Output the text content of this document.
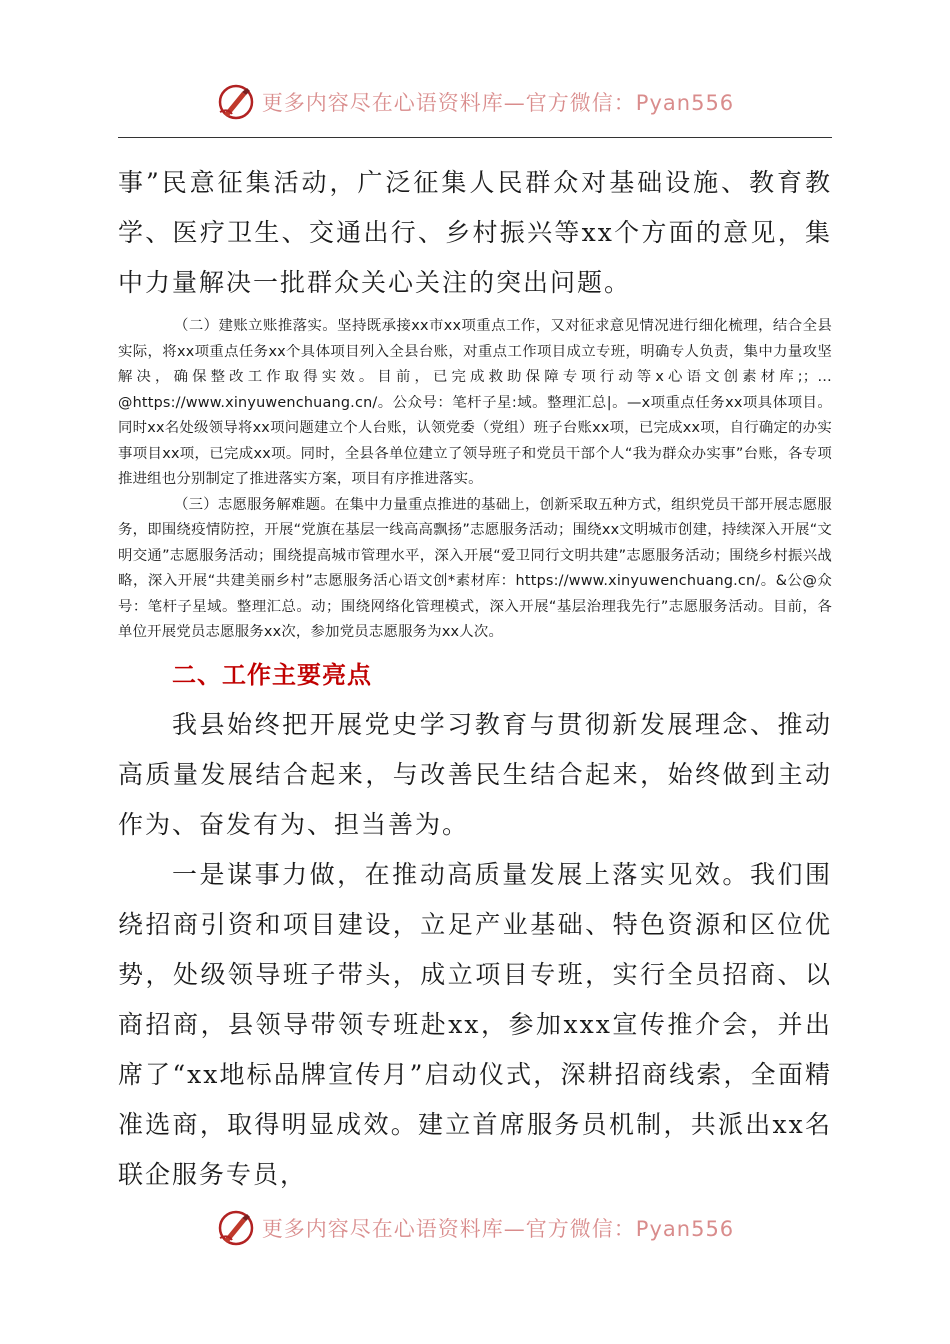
更多内容尽在心语资料库—官方微信：Pyan556

事”民意征集活动，广泛征集人民群众对基础设施、教育教学、医疗卫生、交通出行、乡村振兴等xx个方面的意见，集中力量解决一批群众关心关注的突出问题。

（二）建账立账推落实。坚持既承接xx市xx项重点工作，又对征求意见情况进行细化梳理，结合全县实际，将xx项重点任务xx个具体项目列入全县台账，对重点工作项目成立专班，明确专人负责，集中力量攻坚解决，确保整改工作取得实效。目前，已完成救助保障专项行动等x心语文创素材库;；…@https://www.xinyuwenchuang.cn/。公众号：笔杆子星:域。整理汇总|。—x项重点任务xx项具体项目。同时xx名处级领导将xx项问题建立个人台账，认领党委（党组）班子台账xx项，已完成xx项，自行确定的办实事项目xx项，已完成xx项。同时，全县各单位建立了领导班子和党员干部个人“我为群众办实事”台账，各专项推进组也分别制定了推进落实方案，项目有序推进落实。

（三）志愿服务解难题。在集中力量重点推进的基础上，创新采取五种方式，组织党员干部开展志愿服务，即围绕疫情防控，开展“党旗在基层一线高高飘扬”志愿服务活动；围绕xx文明城市创建，持续深入开展“文明交通”志愿服务活动；围绕提高城市管理水平，深入开展“爱卫同行文明共建”志愿服务活动；围绕乡村振兴战略，深入开展“共建美丽乡村”志愿服务活心语文创*素材库：https://www.xinyuwenchuang.cn/。&公@众号：笔杆子星域。整理汇总。动；围绕网络化管理模式，深入开展“基层治理我先行”志愿服务活动。目前，各单位开展党员志愿服务xx次，参加党员志愿服务为xx人次。

二、工作主要亮点

我县始终把开展党史学习教育与贯彻新发展理念、推动高质量发展结合起来，与改善民生结合起来，始终做到主动作为、奋发有为、担当善为。

一是谋事力做，在推动高质量发展上落实见效。我们围绕招商引资和项目建设，立足产业基础、特色资源和区位优势，处级领导班子带头，成立项目专班，实行全员招商、以商招商，县领导带领专班赴xx，参加xxx宣传推介会，并出席了“xx地标品牌宣传月”启动仪式，深耕招商线索，全面精准选商，取得明显成效。建立首席服务员机制，共派出xx名联企服务专员，

更多内容尽在心语资料库—官方微信：Pyan556
